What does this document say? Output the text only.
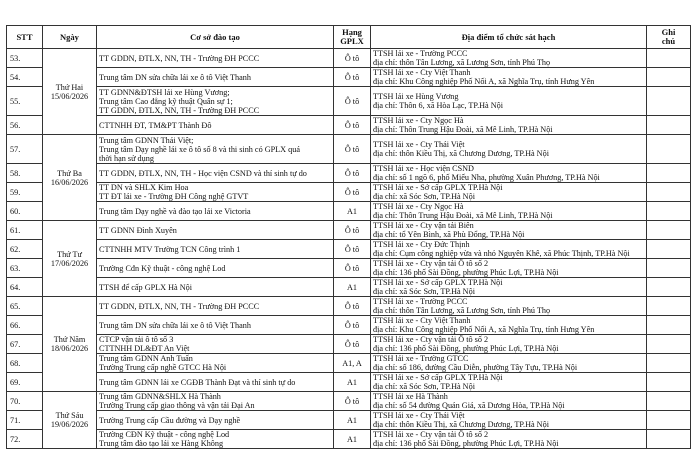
STT	Ngày	Cơ sở đào tạo	Hạng
GPLX	Địa điểm tổ chức sát hạch	Ghi
chú

53.	Thứ Hai
15/06/2026	TT GDDN, ĐTLX, NN, TH - Trường ĐH PCCC	Ô tô	TTSH lái xe - Trường PCCC
địa chỉ: thôn Tân Lương, xã Lương Sơn, tỉnh Phú Thọ	

54.		Trung tâm DN sửa chữa lái xe ô tô Việt Thanh	Ô tô	TTSH lái xe - Cty Việt Thanh
địa chỉ: Khu Công nghiệp Phố Nối A, xã Nghĩa Trụ, tỉnh Hưng Yên	

55.		TT GDNN&ĐTSH lái xe Hùng Vương;
Trung tâm Cao đẳng kỹ thuật Quân sự 1;
TT GDDN, ĐTLX, NN, TH - Trường ĐH PCCC	Ô tô	TTSH lái xe Hùng Vương
địa chỉ: Thôn 6, xã Hòa Lạc, TP.Hà Nội	

56.		CTTNHH ĐT, TM&PT Thành Đô	Ô tô	TTSH lái xe - Cty Ngọc Hà
địa chỉ: Thôn Trung Hậu Đoài, xã Mê Linh, TP.Hà Nội	

57.	Thứ Ba
16/06/2026	Trung tâm GDNN Thái Việt;
Trung tâm Dạy nghề lái xe ô tô số 8 và thi sinh có GPLX quá
thời hạn sử dụng	Ô tô	TTSH lái xe - Cty Thái Việt
địa chỉ: thôn Kiều Thị, xã Chương Dương, TP.Hà Nội	

58.		TT GDDN, ĐTLX, NN, TH - Học viện CSND và thí sinh tự do	Ô tô	TTSH lái xe - Học viện CSND
địa chỉ: số 1 ngõ 6, phố Miếu Nha, phường Xuân Phương, TP.Hà Nội	

59.		TT DN và SHLX Kim Hoa
TT ĐT lái xe - Trường ĐH Công nghệ GTVT	Ô tô	TTSH lái xe - Sở cấp GPLX TP.Hà Nội
địa chỉ: xã Sóc Sơn, TP.Hà Nội	

60.		Trung tâm Dạy nghề và đào tạo lái xe Victoria	A1	TTSH lái xe - Cty Ngọc Hà
địa chỉ: Thôn Trung Hậu Đoài, xã Mê Linh, TP.Hà Nội	

61.	Thứ Tư
17/06/2026	TT GDNN Đình Xuyên	Ô tô	TTSH lái xe - Cty vận tải Biên
địa chỉ: tổ Yên Bình, xã Phù Đổng, TP.Hà Nội	

62.		CTTNHH MTV Trường TCN Công trình 1	Ô tô	TTSH lái xe - Cty Đức Thịnh
địa chỉ: Cụm công nghiệp vừa và nhỏ Nguyên Khê, xã Phúc Thịnh, TP.Hà Nội	

63.		Trường Cđn Kỹ thuật - công nghệ Lod	Ô tô	TTSH lái xe - Cty vận tải Ô tô số 2
địa chỉ: 136 phố Sài Đồng, phường Phúc Lợi, TP.Hà Nội	

64.		TTSH để cấp GPLX Hà Nội	A1	TTSH lái xe - Sở cấp GPLX TP.Hà Nội
địa chỉ: xã Sóc Sơn, TP.Hà Nội	

65.	Thứ Năm
18/06/2026	TT GDDN, ĐTLX, NN, TH - Trường ĐH PCCC	Ô tô	TTSH lái xe - Trường PCCC
địa chỉ: thôn Tân Lương, xã Lương Sơn, tỉnh Phú Thọ	

66.		Trung tâm DN sửa chữa lái xe ô tô Việt Thanh	Ô tô	TTSH lái xe - Cty Việt Thanh
địa chỉ: Khu Công nghiệp Phố Nối A, xã Nghĩa Trụ, tỉnh Hưng Yên	

67.		CTCP vận tải ô tô số 3
CTTNHH DL&ĐT An Việt	Ô tô	TTSH lái xe - Cty vận tải Ô tô số 2
địa chỉ: 136 phố Sài Đồng, phường Phúc Lợi, TP.Hà Nội	

68.		Trung tâm GDNN Anh Tuấn
Trường Trung cấp nghề GTCC Hà Nội	A1, A	TTSH lái xe - Trường GTCC
địa chỉ: số 186, đường Cầu Diễn, phường Tây Tựu, TP.Hà Nội	

69.		Trung tâm GDNN lái xe CGĐB Thành Đạt và thí sinh tự do	A1	TTSH lái xe - Sở cấp GPLX TP.Hà Nội
địa chỉ: xã Sóc Sơn, TP.Hà Nội	

70.	Thứ Sáu
19/06/2026	Trung tâm GDNN&SHLX Hà Thành
Trường Trung cấp giao thông và vận tải Đại An	Ô tô	TTSH lái xe Hà Thành
địa chỉ: số 54 đường Quán Giá, xã Dương Hòa, TP.Hà Nội	

71.		Trường Trung cấp Cầu đường và Dạy nghề	A1	TTSH lái xe - Cty Thái Việt
địa chỉ: thôn Kiều Thị, xã Chương Dương, TP.Hà Nội	

72.		Trường CĐN Kỹ thuật - công nghệ Lod
Trung tâm đào tạo lái xe Hàng Không	A1	TTSH lái xe - Cty vận tải Ô tô số 2
địa chỉ: 136 phố Sài Đồng, phường Phúc Lợi, TP.Hà Nội	
